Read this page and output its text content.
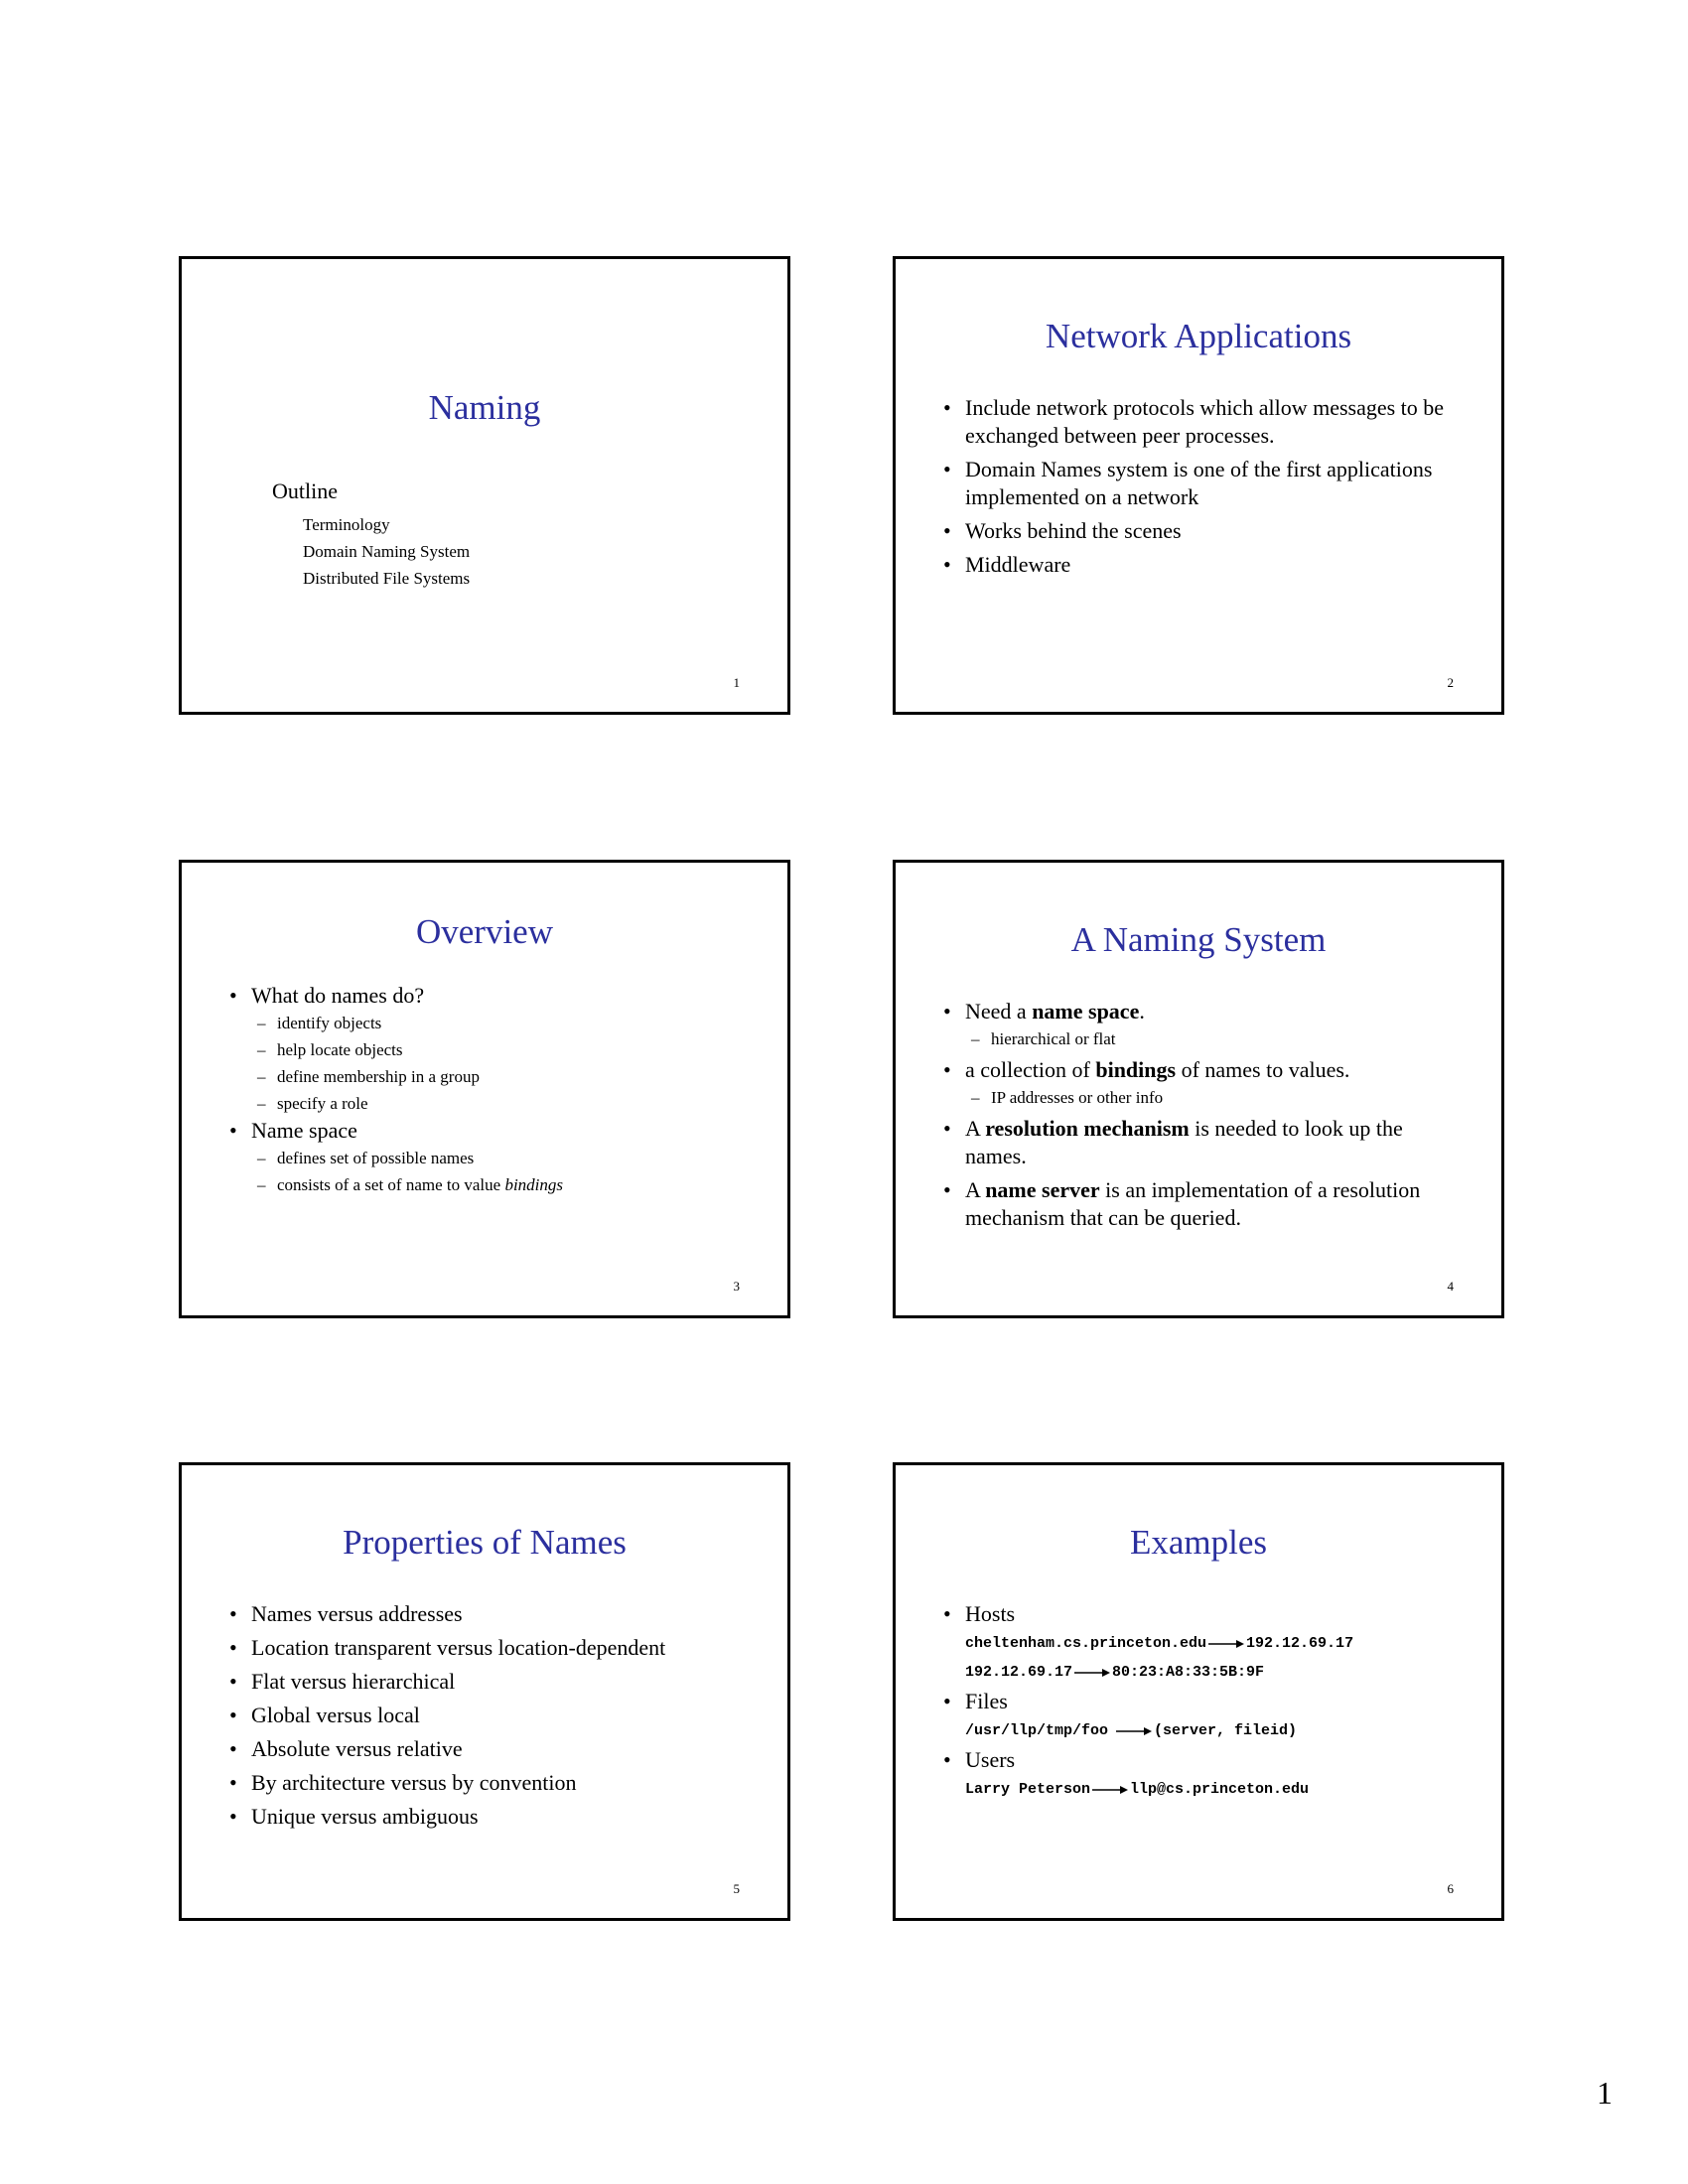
Naming
Outline
Terminology
Domain Naming System
Distributed File Systems
1
Network Applications
• Include network protocols which allow messages to be exchanged between peer processes.
• Domain Names system is one of the first applications implemented on a network
• Works behind the scenes
• Middleware
2
Overview
• What do names do?
– identify objects
– help locate objects
– define membership in a group
– specify a role
• Name space
– defines set of possible names
– consists of a set of name to value bindings
3
A Naming System
• Need a name space.
– hierarchical or flat
• a collection of bindings of names to values.
– IP addresses or other info
• A resolution mechanism is needed to look up the names.
• A name server is an implementation of a resolution mechanism that can be queried.
4
Properties of Names
• Names versus addresses
• Location transparent versus location-dependent
• Flat versus hierarchical
• Global versus local
• Absolute versus relative
• By architecture versus by convention
• Unique versus ambiguous
5
Examples
• Hosts
cheltenham.cs.princeton.edu	192.12.69.17
192.12.69.17	80:23:A8:33:5B:9F
• Files
/usr/llp/tmp/foo	(server, fileid)
• Users
Larry Peterson	llp@cs.princeton.edu
6
1
